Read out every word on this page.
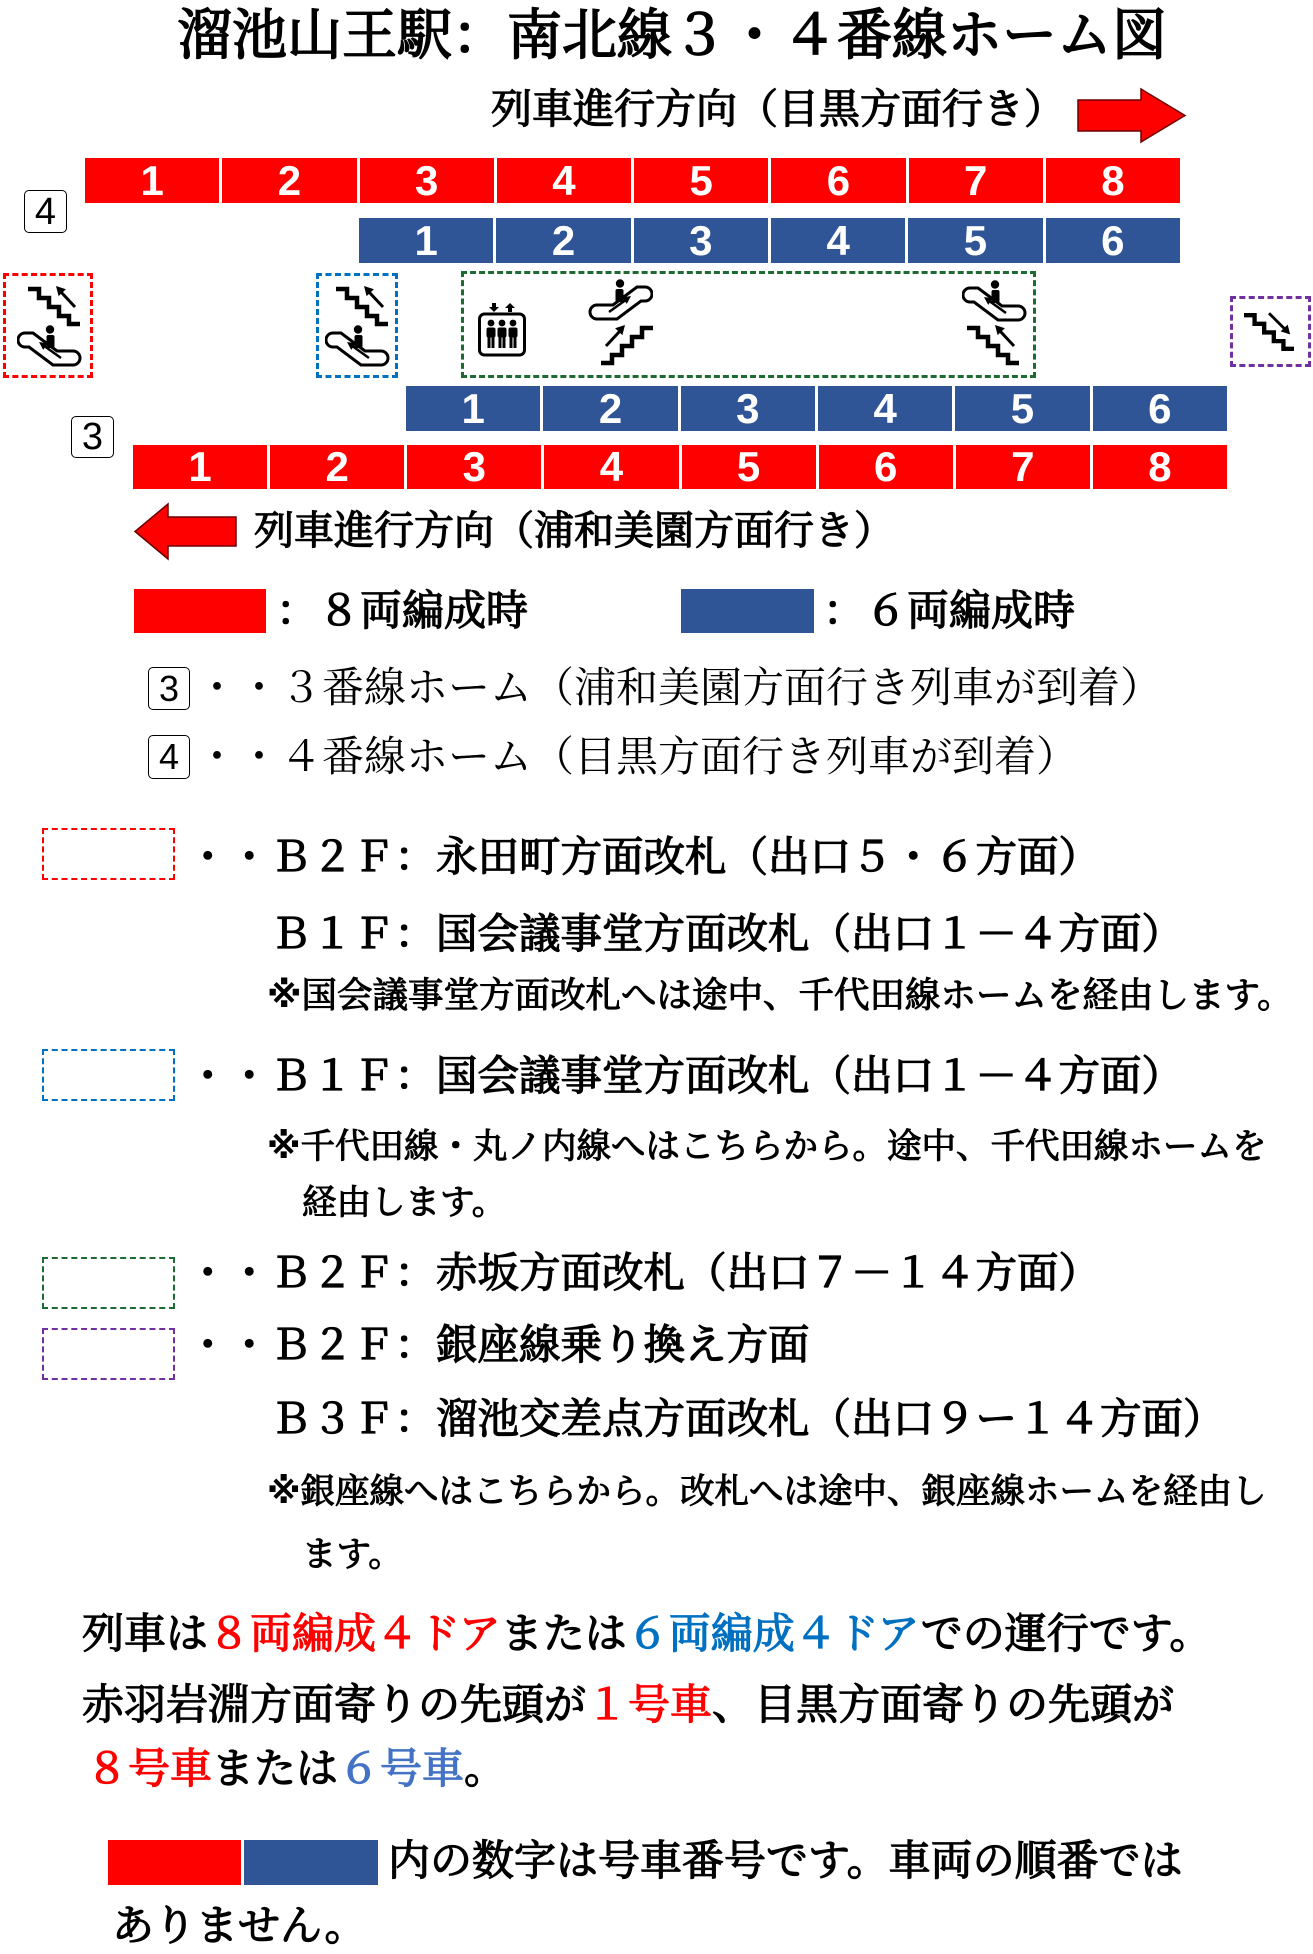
溜池山王駅：南北線３・４番線ホーム図
列車進行方向（目黒方面行き）
4
1	2	3	4	5	6	7	8
1	2	3	4	5	6
1	2	3	4	5	6
3
1	2	3	4	5	6	7	8
列車進行方向（浦和美園方面行き）
：８両編成時	：６両編成時
3 ・・３番線ホーム（浦和美園方面行き列車が到着）
4 ・・４番線ホーム（目黒方面行き列車が到着）
・・Ｂ２Ｆ：永田町方面改札（出口５・６方面）
Ｂ１Ｆ：国会議事堂方面改札（出口１－４方面）
※国会議事堂方面改札へは途中、千代田線ホームを経由します。
・・Ｂ１Ｆ：国会議事堂方面改札（出口１－４方面）
※千代田線・丸ノ内線へはこちらから。途中、千代田線ホームを
経由します。
・・Ｂ２Ｆ：赤坂方面改札（出口７－１４方面）
・・Ｂ２Ｆ：銀座線乗り換え方面
Ｂ３Ｆ：溜池交差点方面改札（出口９ー１４方面）
※銀座線へはこちらから。改札へは途中、銀座線ホームを経由し
ます。
列車は８両編成４ドアまたは６両編成４ドアでの運行です。
赤羽岩淵方面寄りの先頭が１号車、目黒方面寄りの先頭が
８号車または６号車。
内の数字は号車番号です。車両の順番では
ありません。
